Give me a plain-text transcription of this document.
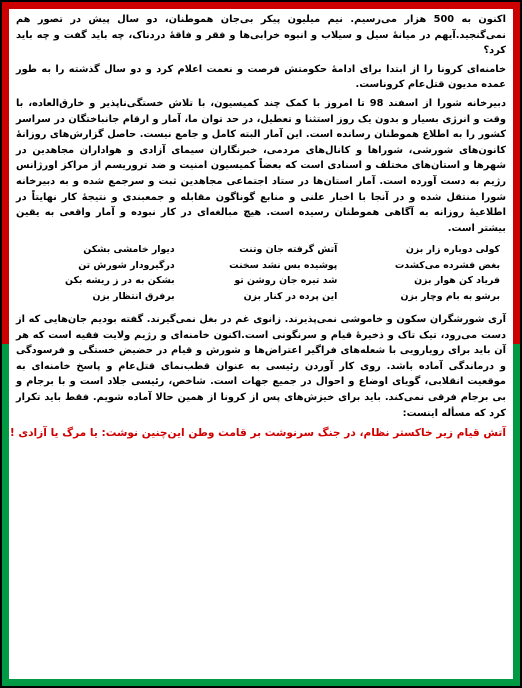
اکنون به 500 هزار می‌رسیم. نیم میلیون پیکر بی‌جان هموطنان، دو سال پیش در تصور هم نمی‌گنجید.آیهم در میانهٔ سیل و سیلاب و انبوه خرابی‌ها و فقر و فاقهٔ دردناک، چه باید گفت و چه باید کرد؟

خامنه‌ای کرونا را از ابتدا برای ادامهٔ حکومتش فرصت و نعمت اعلام کرد و دو سال گذشته را به طور عمده مدیون قتل‌عام کروناست.

دبیرخانه شورا از اسفند 98 تا امروز با کمک چند کمیسیون، با تلاش خستگی‌ناپذیر و خارق‌العاده، با وقت و انرژی بسیار و بدون یک روز استثنا و تعطیل، در حد توان ما، آمار و ارقام جانباختگان در سراسر کشور را به اطلاع هموطنان رسانده است. این آمار البته کامل و جامع نیست. حاصل گزارش‌های روزانهٔ کانون‌های شورشی، شوراها و کانال‌های مردمی، خبرنگاران سیمای آزادی و هواداران مجاهدین در شهرها و استان‌های مختلف و اسنادی است که بعضاً کمیسیون امنیت و ضد تروریسم از مراکز اورژانس رژیم به دست آورده است. آمار استان‌ها در ستاد اجتماعی مجاهدین ثبت و سرجمع شده و به دبیرخانه شورا منتقل شده و در آنجا با اخبار علنی و منابع گوناگون مقابله و جمعبندی و نتیجهٔ کار نهایتاً در اطلاعیهٔ روزانه به آگاهی هموطنان رسیده است. هیچ مبالغه‌ای در کار نبوده و آمار واقعی به یقین بیشتر است.

کولی دوباره زار بزن
بغض فشرده می‌کشدت
فریاد کن هوار بزن
برشو به بام وچار بزن
آتش گرفته جان وتنت
پوشیده بس نشد سخنت
شد تیره جان روشن تو
این پرده در کنار بزن
دیوار خامشی بشکن
درگیرودار شورش تن
بشکن به در ز ریشه بکن
برفرق انتظار بزن

آری شورشگران سکون و خاموشی نمی‌پذیرند. زانوی غم در بغل نمی‌گیرند. گفته بودیم جان‌هایی که از دست می‌رود، تیک تاک و ذخیرهٔ قیام و سرنگونی است.اکنون خامنه‌ای و رژیم ولایت فقیه است که هر آن باید برای رویارویی با شعله‌های فراگیر اعتراض‌ها و شورش و قیام در حضیض خستگی و فرسودگی و درماندگی آماده باشد. روی کار آوردن رئیسی به عنوان قطب‌نمای قتل‌عام و پاسخ خامنه‌ای به موقعیت انقلابی، گویای اوضاع و احوال در جمیع جهات است. شاخص، رئیسی جلاد است و با برجام و بی برجام فرقی نمی‌کند. باید برای خیزش‌های پس از کرونا از همین حالا آماده شویم. فقط باید تکرار کرد که مسأله اینست:

آتش قیام زیر خاکستر نظام، در جنگ سرنوشت بر قامت وطن این‌چنین نوشت: یا مرگ یا آزادی !
